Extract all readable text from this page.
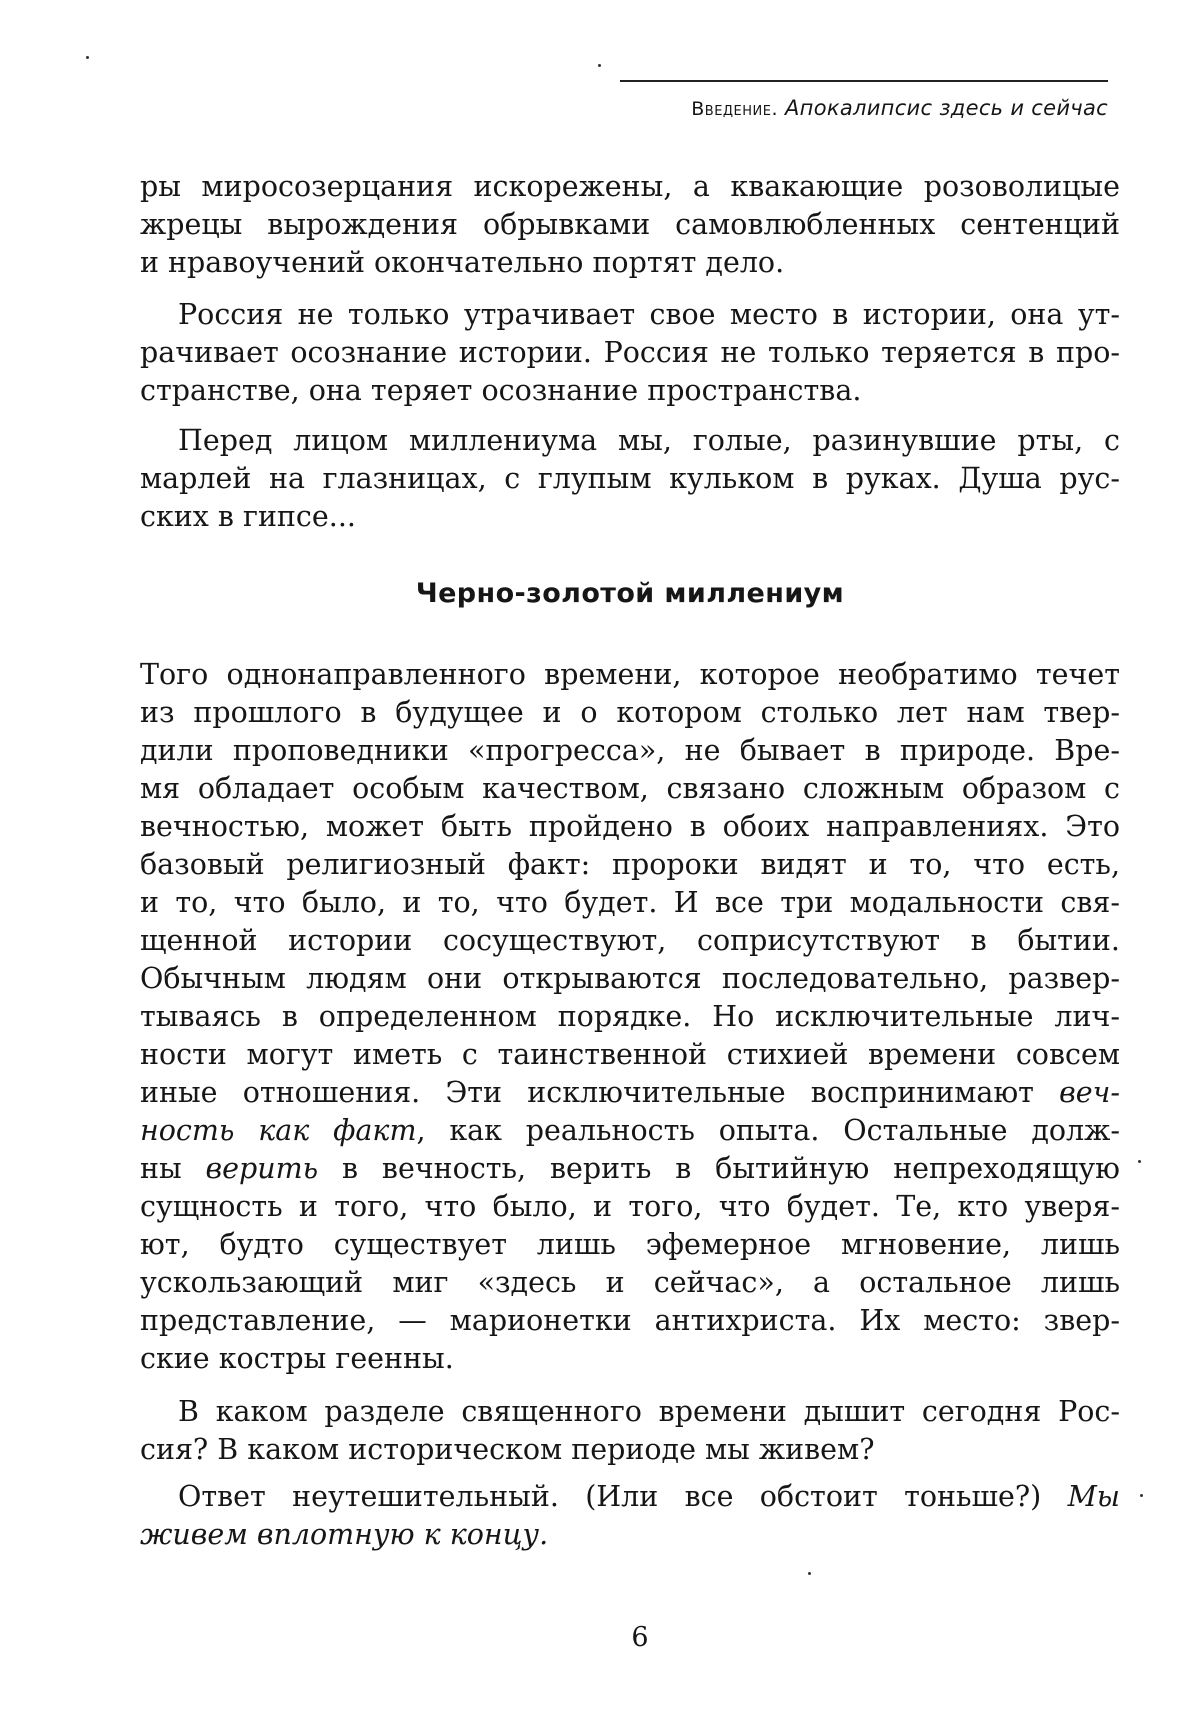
Введение. Апокалипсис здесь и сейчас

ры миросозерцания искорежены, а квакающие розоволицые
жрецы вырождения обрывками самовлюбленных сентенций
и нравоучений окончательно портят дело.

Россия не только утрачивает свое место в истории, она ут-
рачивает осознание истории. Россия не только теряется в про-
странстве, она теряет осознание пространства.

Перед лицом миллениума мы, голые, разинувшие рты, с
марлей на глазницах, с глупым кульком в руках. Душа рус-
ских в гипсе...

Черно-золотой миллениум

Того однонаправленного времени, которое необратимо течет
из прошлого в будущее и о котором столько лет нам твер-
дили проповедники «прогресса», не бывает в природе. Вре-
мя обладает особым качеством, связано сложным образом с
вечностью, может быть пройдено в обоих направлениях. Это
базовый религиозный факт: пророки видят и то, что есть,
и то, что было, и то, что будет. И все три модальности свя-
щенной истории сосуществуют, соприсутствуют в бытии.
Обычным людям они открываются последовательно, развер-
тываясь в определенном порядке. Но исключительные лич-
ности могут иметь с таинственной стихией времени совсем
иные отношения. Эти исключительные воспринимают веч-
ность как факт, как реальность опыта. Остальные долж-
ны верить в вечность, верить в бытийную непреходящую
сущность и того, что было, и того, что будет. Те, кто уверя-
ют, будто существует лишь эфемерное мгновение, лишь
ускользающий миг «здесь и сейчас», а остальное лишь
представление, — марионетки антихриста. Их место: звер-
ские костры геенны.

В каком разделе священного времени дышит сегодня Рос-
сия? В каком историческом периоде мы живем?

Ответ неутешительный. (Или все обстоит тоньше?) Мы
живем вплотную к концу.

6
